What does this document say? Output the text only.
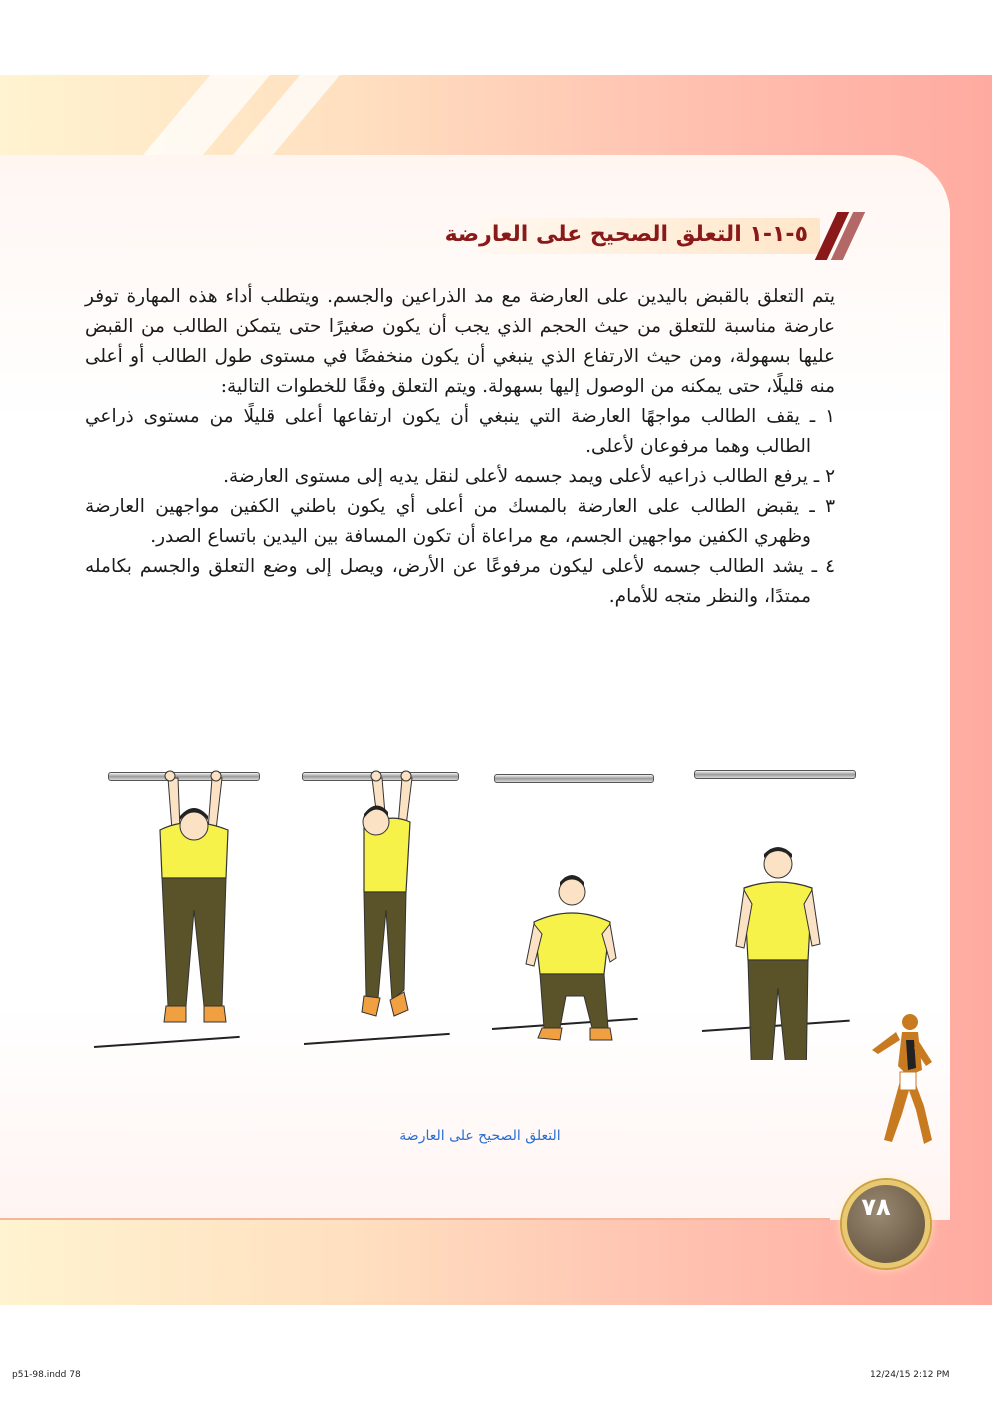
٥-١-١ التعلق الصحيح على العارضة

يتم التعلق بالقبض باليدين على العارضة مع مد الذراعين والجسم. ويتطلب أداء هذه المهارة توفر عارضة مناسبة للتعلق من حيث الحجم الذي يجب أن يكون صغيرًا حتى يتمكن الطالب من القبض عليها بسهولة، ومن حيث الارتفاع الذي ينبغي أن يكون منخفضًا في مستوى طول الطالب أو أعلى منه قليلًا، حتى يمكنه من الوصول إليها بسهولة. ويتم التعلق وفقًا للخطوات التالية:

١ ـ يقف الطالب مواجهًا العارضة التي ينبغي أن يكون ارتفاعها أعلى قليلًا من مستوى ذراعي الطالب وهما مرفوعان لأعلى.

٢ ـ يرفع الطالب ذراعيه لأعلى ويمد جسمه لأعلى لنقل يديه إلى مستوى العارضة.

٣ ـ يقبض الطالب على العارضة بالمسك من أعلى أي يكون باطني الكفين مواجهين العارضة وظهري الكفين مواجهين الجسم، مع مراعاة أن تكون المسافة بين اليدين باتساع الصدر.

٤ ـ يشد الطالب جسمه لأعلى ليكون مرفوعًا عن الأرض، ويصل إلى وضع التعلق والجسم بكامله ممتدًا، والنظر متجه للأمام.

التعلق الصحيح على العارضة
٧٨
p51-98.indd 78	12/24/15 2:12 PM
